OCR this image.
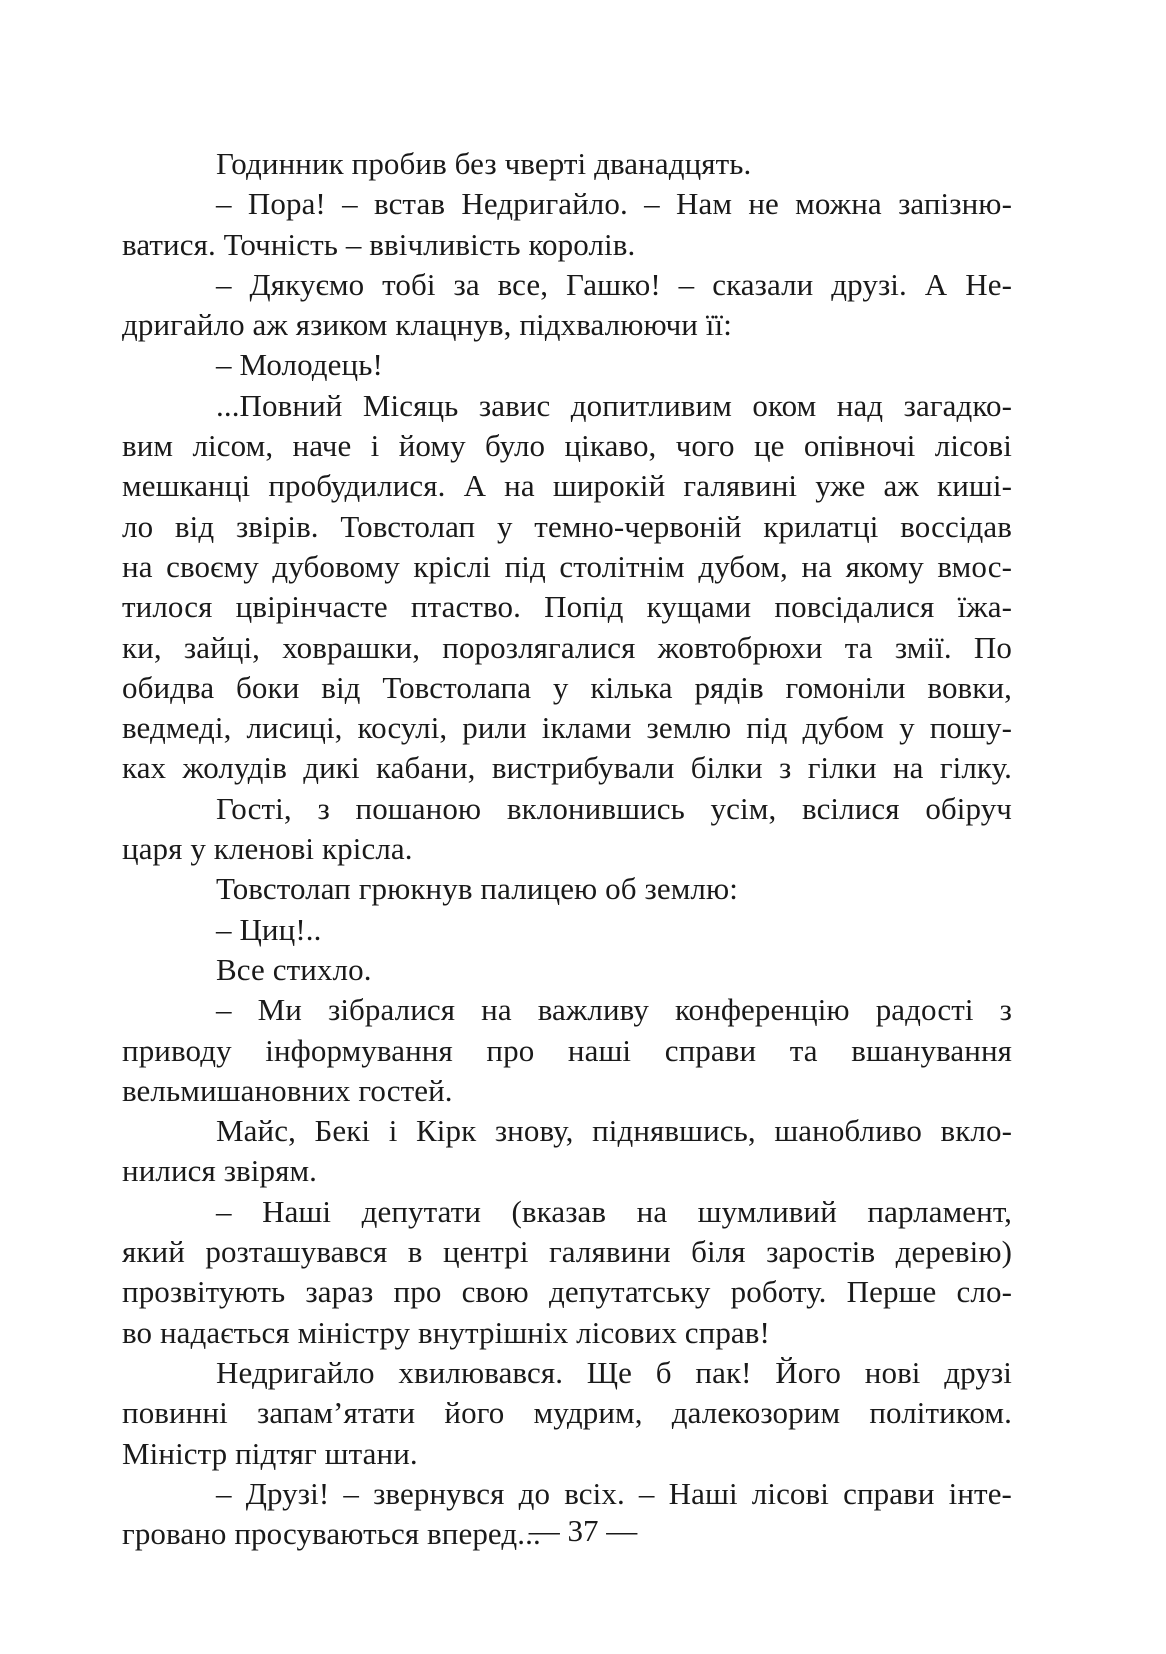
Годинник пробив без чверті дванадцять.
– Пора! – встав Недригайло. – Нам не можна запізню-
ватися. Точність – ввічливість королів.
– Дякуємо тобі за все, Гашко! – сказали друзі. А Не-
дригайло аж язиком клацнув, підхвалюючи її:
– Молодець!
...Повний Місяць завис допитливим оком над загадко-
вим лісом, наче і йому було цікаво, чого це опівночі лісові
мешканці пробудилися. А на широкій галявині уже аж киші-
ло від звірів. Товстолап у темно-червоній крилатці воссідав
на своєму дубовому кріслі під столітнім дубом, на якому вмос-
тилося цвірінчасте птаство. Попід кущами повсідалися їжа-
ки, зайці, ховрашки, порозлягалися жовтобрюхи та змії. По
обидва боки від Товстолапа у кілька рядів гомоніли вовки,
ведмеді, лисиці, косулі, рили іклами землю під дубом у пошу-
ках жолудів дикі кабани, вистрибували білки з гілки на гілку.
Гості, з пошаною вклонившись усім, всілися обіруч
царя у кленові крісла.
Товстолап грюкнув палицею об землю:
– Циц!..
Все стихло.
– Ми зібралися на важливу конференцію радості з
приводу інформування про наші справи та вшанування
вельмишановних гостей.
Майс, Бекі і Кірк знову, піднявшись, шанобливо вкло-
нилися звірям.
– Наші депутати (вказав на шумливий парламент,
який розташувався в центрі галявини біля заростів деревію)
прозвітують зараз про свою депутатську роботу. Перше сло-
во надається міністру внутрішніх лісових справ!
Недригайло хвилювався. Ще б пак! Його нові друзі
повинні запам’ятати його мудрим, далекозорим політиком.
Міністр підтяг штани.
– Друзі! – звернувся до всіх. – Наші лісові справи інте-
гровано просуваються вперед...
— 37 —
